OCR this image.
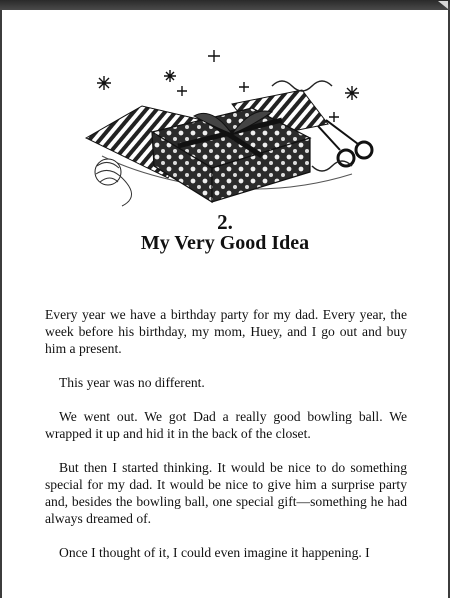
2.
My Very Good Idea

Every year we have a birthday party for my dad. Every year, the week before his birthday, my mom, Huey, and I go out and buy him a present.

This year was no different.

We went out. We got Dad a really good bowling ball. We wrapped it up and hid it in the back of the closet.

But then I started thinking. It would be nice to do something special for my dad. It would be nice to give him a surprise party and, besides the bowling ball, one special gift—something he had always dreamed of.

Once I thought of it, I could even imagine it happening. I
